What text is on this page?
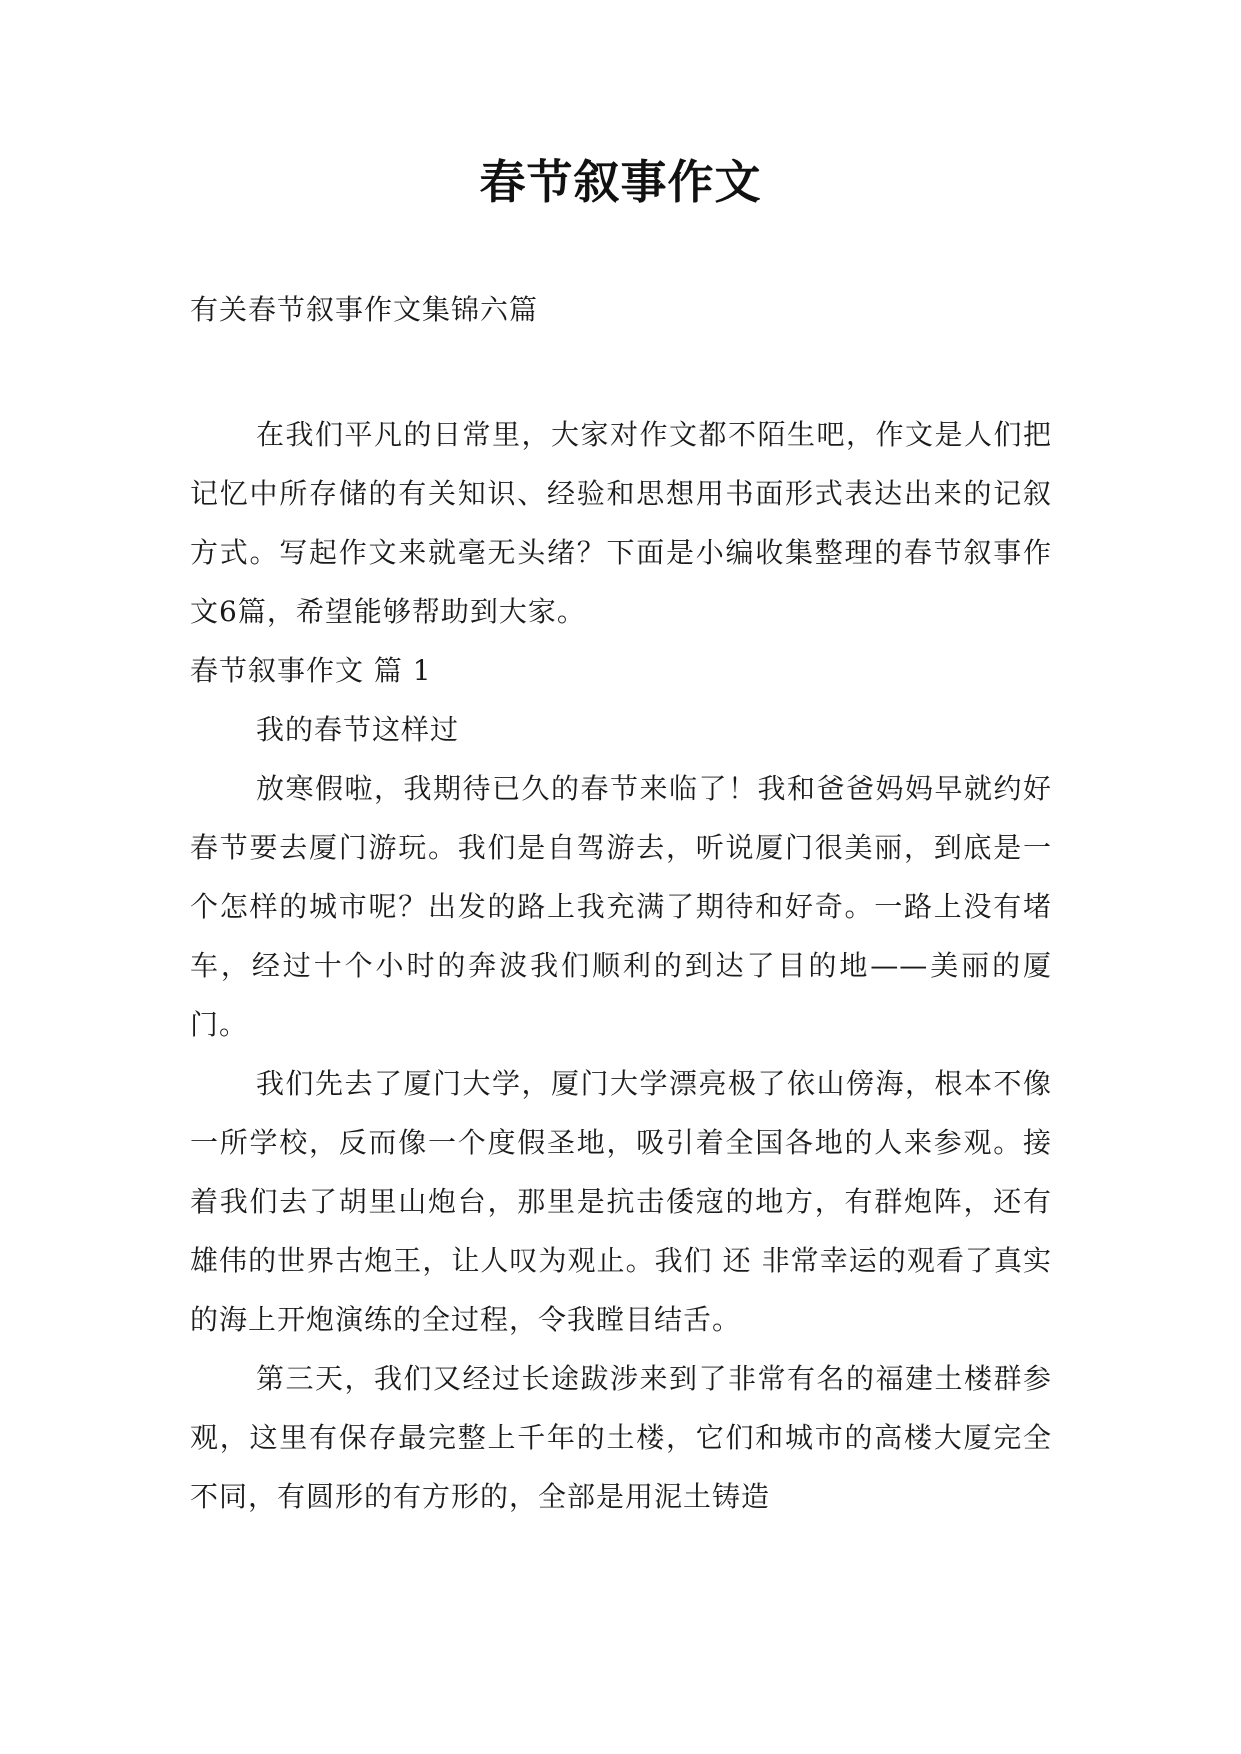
春节叙事作文

有关春节叙事作文集锦六篇

在我们平凡的日常里，大家对作文都不陌生吧，作文是人们把记忆中所存储的有关知识、经验和思想用书面形式表达出来的记叙方式。写起作文来就毫无头绪？下面是小编收集整理的春节叙事作文6篇，希望能够帮助到大家。

春节叙事作文 篇 1

我的春节这样过

放寒假啦，我期待已久的春节来临了！我和爸爸妈妈早就约好春节要去厦门游玩。我们是自驾游去，听说厦门很美丽，到底是一个怎样的城市呢？出发的路上我充满了期待和好奇。一路上没有堵车，经过十个小时的奔波我们顺利的到达了目的地——美丽的厦门。

我们先去了厦门大学，厦门大学漂亮极了依山傍海，根本不像一所学校，反而像一个度假圣地，吸引着全国各地的人来参观。接着我们去了胡里山炮台，那里是抗击倭寇的地方，有群炮阵，还有雄伟的世界古炮王，让人叹为观止。我们 还 非常幸运的观看了真实的海上开炮演练的全过程，令我瞠目结舌。

第三天，我们又经过长途跋涉来到了非常有名的福建土楼群参观，这里有保存最完整上千年的土楼，它们和城市的高楼大厦完全不同，有圆形的有方形的，全部是用泥土铸造
